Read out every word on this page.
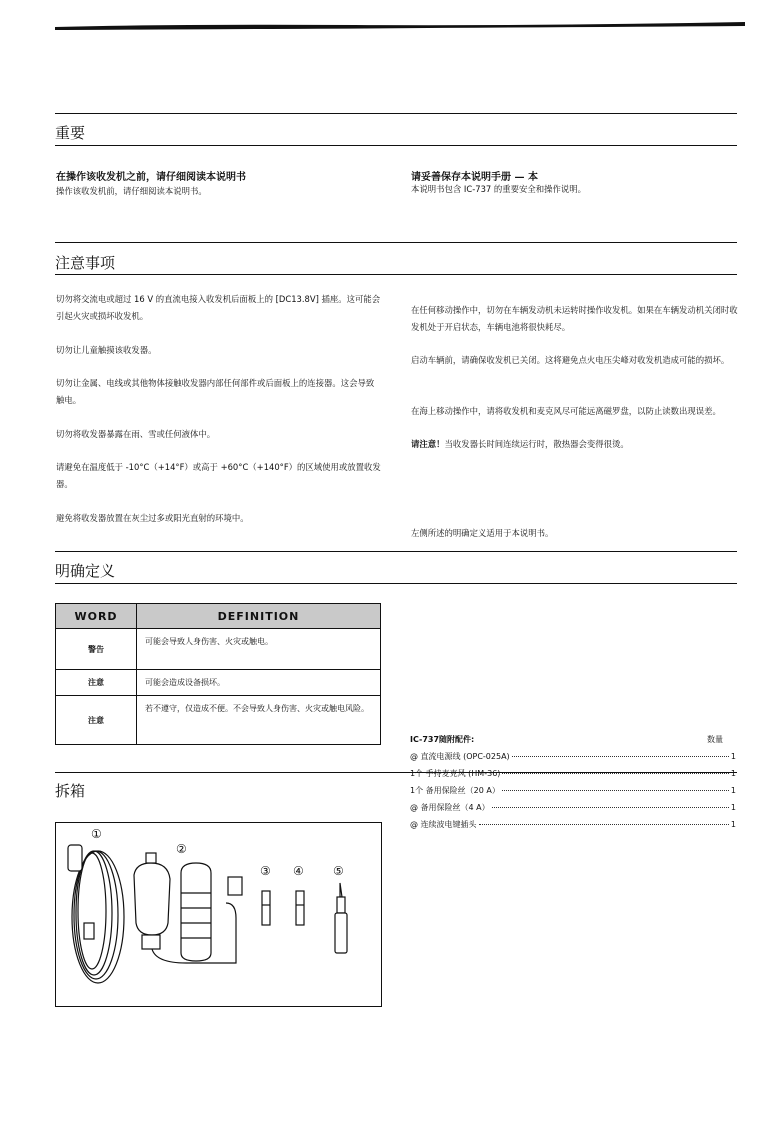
重要
在操作该收发机之前，请仔细阅读本说明书
操作该收发机前，请仔细阅读本说明书。
请妥善保存本说明手册 — 本
本说明书包含 IC-737 的重要安全和操作说明。
注意事项
切勿将交流电或超过 16 V 的直流电接入收发机后面板上的 [DC13.8V] 插座。这可能会引起火灾或损坏收发机。
切勿让儿童触摸该收发器。
切勿让金属、电线或其他物体接触收发器内部任何部件或后面板上的连接器。这会导致触电。
切勿将收发器暴露在雨、雪或任何液体中。
请避免在温度低于 -10°C（+14°F）或高于 +60°C（+140°F）的区域使用或放置收发器。
避免将收发器放置在灰尘过多或阳光直射的环境中。
在任何移动操作中，切勿在车辆发动机未运转时操作收发机。如果在车辆发动机关闭时收发机处于开启状态，车辆电池将很快耗尽。
启动车辆前，请确保收发机已关闭。这将避免点火电压尖峰对收发机造成可能的损坏。
在海上移动操作中，请将收发机和麦克风尽可能远离磁罗盘，以防止读数出现误差。
请注意！当收发器长时间连续运行时，散热器会变得很烫。
左侧所述的明确定义适用于本说明书。
明确定义
WORD	DEFINITION
警告	可能会导致人身伤害、火灾或触电。
注意	可能会造成设备损坏。
注意	若不遵守，仅造成不便。不会导致人身伤害、火灾或触电风险。
拆箱
IC-737随附配件:	数量
@ 直流电源线 (OPC-025A)	1
1个 手持麦克风 (HM-36)	1
1个 备用保险丝（20 A）	1
@ 备用保险丝（4 A）	1
@ 连续波电键插头	1
①
②
③ ④ ⑤
